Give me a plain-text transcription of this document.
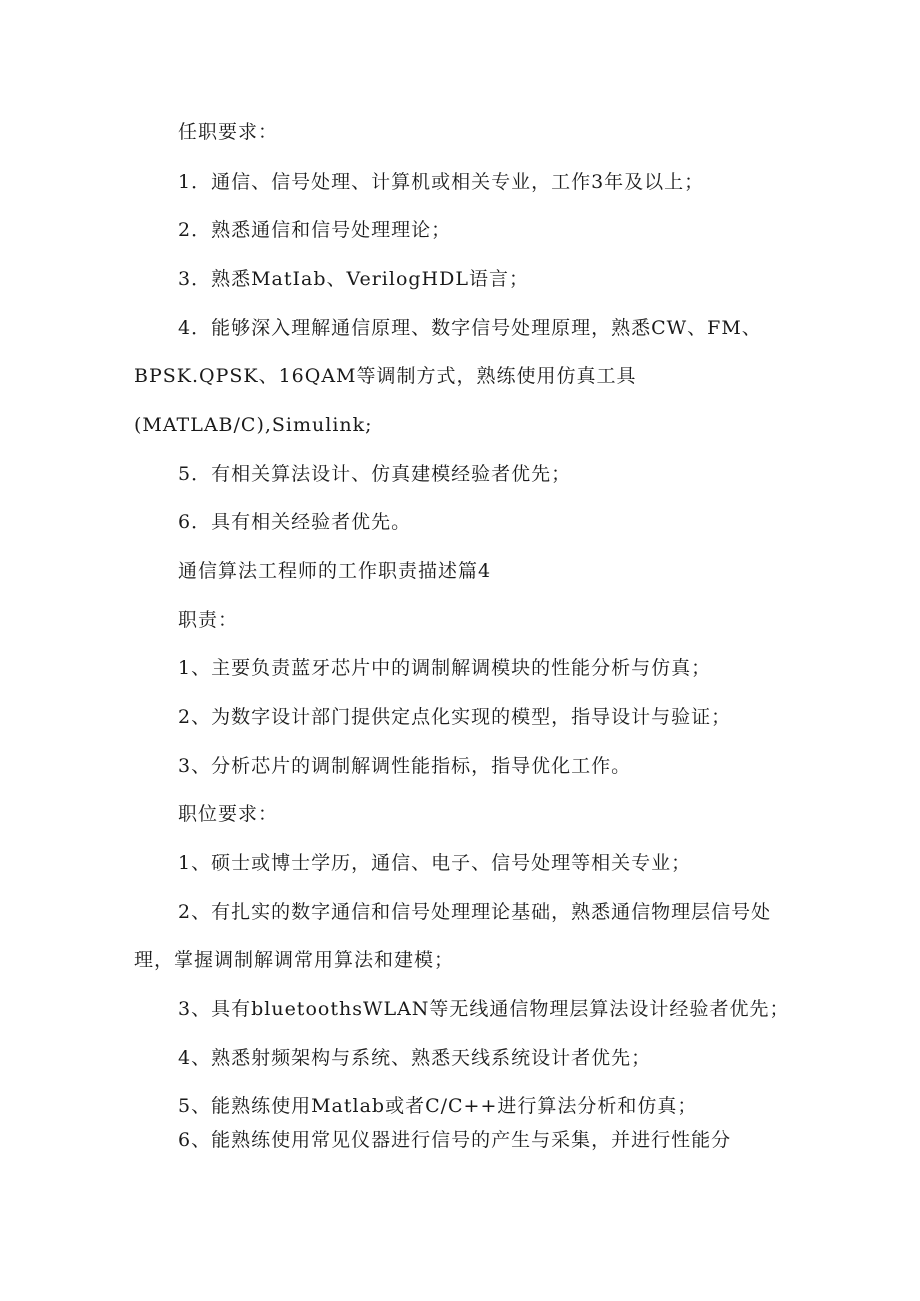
任职要求：
1．通信、信号处理、计算机或相关专业，工作3年及以上；
2．熟悉通信和信号处理理论；
3．熟悉MatIab、VerilogHDL语言；
4．能够深入理解通信原理、数字信号处理原理，熟悉CW、FM、
BPSK.QPSK、16QAM等调制方式，熟练使用仿真工具
(MATLAB/C),Simulink;
5．有相关算法设计、仿真建模经验者优先；
6．具有相关经验者优先。
通信算法工程师的工作职责描述篇4
职责：
1、主要负责蓝牙芯片中的调制解调模块的性能分析与仿真；
2、为数字设计部门提供定点化实现的模型，指导设计与验证；
3、分析芯片的调制解调性能指标，指导优化工作。
职位要求：
1、硕士或博士学历，通信、电子、信号处理等相关专业；
2、有扎实的数字通信和信号处理理论基础，熟悉通信物理层信号处
理，掌握调制解调常用算法和建模；
3、具有bluetoothsWLAN等无线通信物理层算法设计经验者优先；
4、熟悉射频架构与系统、熟悉天线系统设计者优先；
5、能熟练使用Matlab或者C/C++进行算法分析和仿真；
6、能熟练使用常见仪器进行信号的产生与采集，并进行性能分
